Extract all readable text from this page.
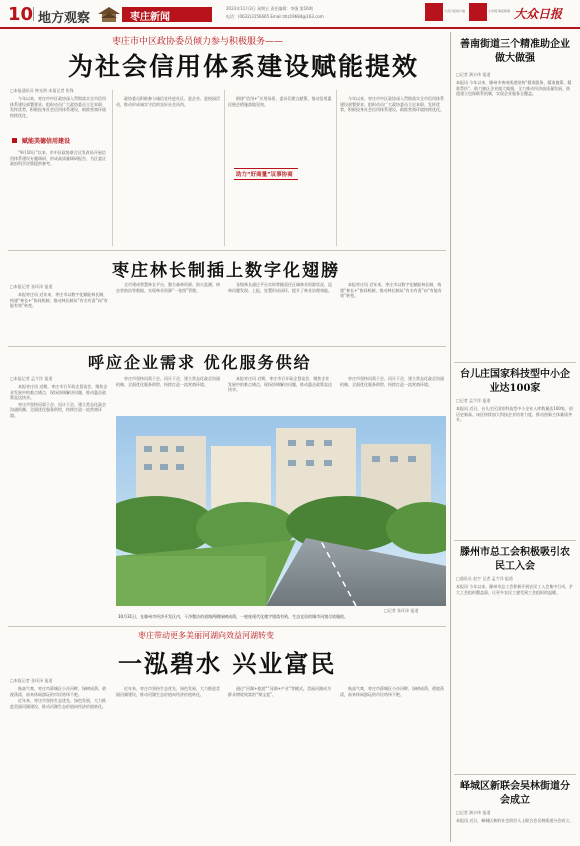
10 地方观察	枣庄新闻
2023年11月3日 星期五 责任编辑：李强 第16期
电话：(0632)3156665 Email:zhz19684@163.com
大众日报客户端	大众网·海报新闻 大众日报
枣庄市中区政协委员倾力参与积极服务——
为社会信用体系建设赋能提效
□本报通讯员 钟光明 本报记者 张锋

今年以来，枣庄市中区政协深入贯彻落实全市信用体系建设部署要求，组织动员广大政协委员立足本职、发挥优势，积极投身社会信用体系建设，助推营商环境持续优化。

赋能美德信用建设

“9月10日”以来，市中区政协联合区发改局开展信用体系建设专题调研，形成高质量调研报告，为区委区政府科学决策提供参考。

政协委员积极参与诚信宣传进社区、进企业、进校园活动，推动形成诚实守信的良好社会风尚。

助力“好商量”议事协商

围绕“信用+”应用场景，委员们建言献策，推动信用惠民便企措施落地见效。

今年以来，枣庄市中区政协深入贯彻落实全市信用体系建设部署要求，组织动员广大政协委员立足本职、发挥优势，积极投身社会信用体系建设，助推营商环境持续优化。

枣庄林长制插上数字化翅膀
□本报记者 张环泽 报道

本报枣庄讯 近年来，枣庄市以数字化赋能林长制，构建“林长+”协同机制，推动林长制从“有名有责”向“有能有效”转变。

全市建成智慧林长平台，整合森林资源、防火监测、病虫害防治等数据，实现林业资源“一张图”管理。

各级林长通过平台实时掌握责任区域林业资源状况，巡林问题发现、上报、处置形成闭环，提升了林业治理效能。

本报枣庄讯 近年来，枣庄市以数字化赋能林长制，构建“林长+”协同机制，推动林长制从“有名有责”向“有能有效”转变。

呼应企业需求 优化服务供给
□本报记者 孟令洋 报道

本报枣庄讯 近期，枣庄市召开政企恳谈会，聚焦企业发展中的难点堵点，现场协调解决问题，推动惠企政策直达快享。

枣庄市坚持问需于企、问计于企，建立常态化政企沟通机制，全面优化服务供给，持续打造一流营商环境。

枣庄市坚持问需于企、问计于企，建立常态化政企沟通机制，全面优化服务供给，持续打造一流营商环境。

本报枣庄讯 近期，枣庄市召开政企恳谈会，聚焦企业发展中的难点堵点，现场协调解决问题，推动惠企政策直达快享。

枣庄市坚持问需于企、问计于企，建立常态化政企沟通机制，全面优化服务供给，持续打造一流营商环境。

□记者 张环泽 报道
10月31日，在滕州市经济开发区内，干净整洁的道路两侧绿树成荫，一座座现代化楼宇错落有致，生态宜居的城市风貌尽收眼底。
枣庄带动更多美丽河湖向效益河湖转变
一泓碧水 兴业富民
□本报记者 张环泽 报道

秋高气爽，枣庄市薛城区小沙河畔，绿树成荫、碧波荡漾，前来休闲游玩的市民络绎不绝。

近年来，枣庄市坚持生态优先、绿色发展，大力推进美丽河湖建设，推动河湖生态价值向经济价值转化。

近年来，枣庄市坚持生态优先、绿色发展，大力推进美丽河湖建设，推动河湖生态价值向经济价值转化。

通过“河湖+旅游”“河湖+产业”等模式，美丽河湖成为群众增收致富的“聚宝盆”。

秋高气爽，枣庄市薛城区小沙河畔，绿树成荫、碧波荡漾，前来休闲游玩的市民络绎不绝。

善南街道三个精准助企业做大做强
□记者 满丰伟 报道
本报讯 今年以来，滕州市善南街道坚持“精准服务、精准施策、精准帮扶”，助力辖区企业做大做强，全力推动经济高质量发展。街道建立包保联系机制，实现企业服务全覆盖。
台儿庄国家科技型中小企业达100家
□记者 孟令洋 报道
本报讯 近日，台儿庄区国家科技型中小企业入库数量达100家，创历史新高。该区持续加大科技企业培育力度，推动创新主体量质齐升。
滕州市总工会积极吸引农民工入会
□通讯员 赵宇 记者 孟令洋 报道
本报讯 今年以来，滕州市总工会积极开展农民工入会集中行动，扩大工会组织覆盖面，让更多农民工感受到工会组织的温暖。
峄城区新联会吴林街道分会成立
□记者 满丰伟 报道
本报讯 近日，峄城区新的社会阶层人士联合会吴林街道分会成立。
